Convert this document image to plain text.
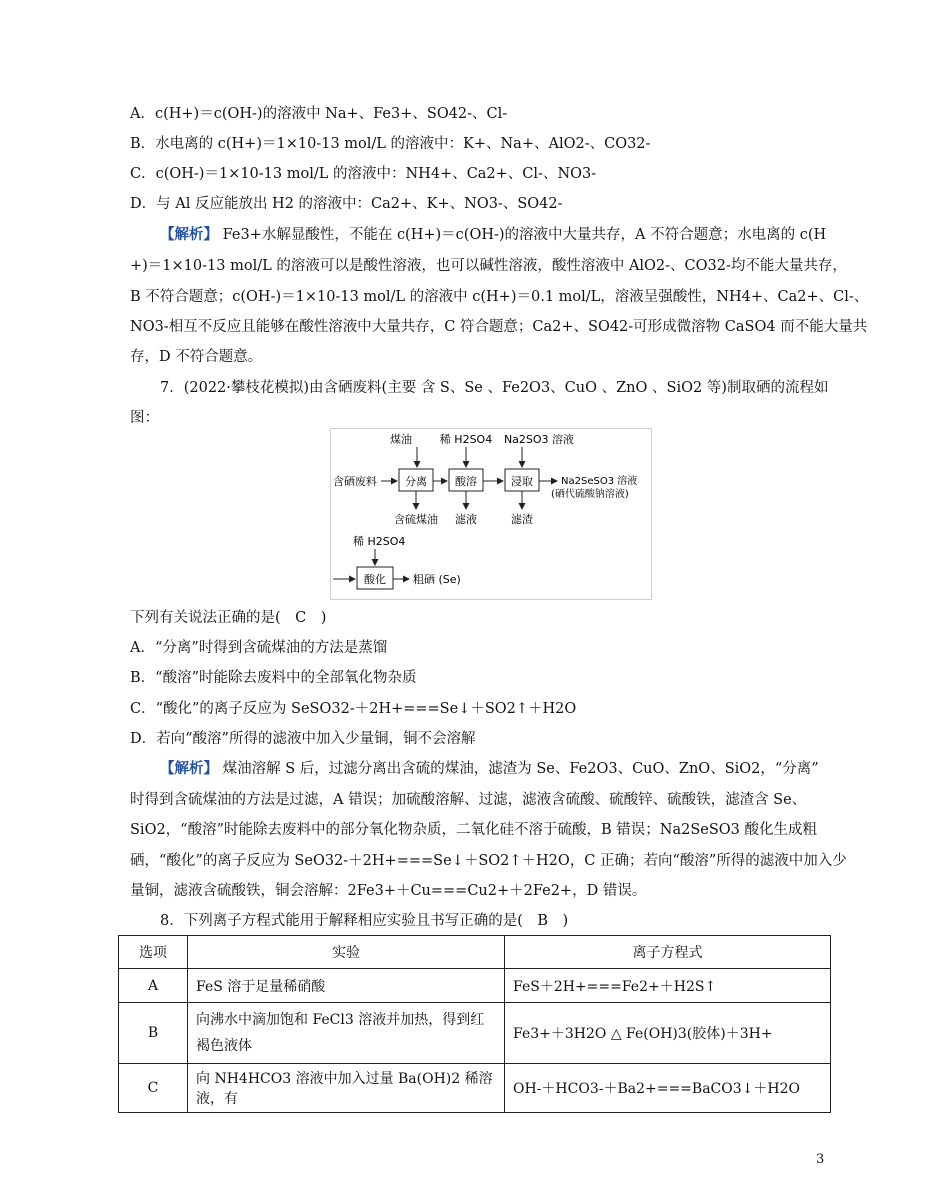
A．c(H+)＝c(OH-)的溶液中 Na+、Fe3+、SO42-、Cl-
B．水电离的 c(H+)＝1×10-13 mol/L 的溶液中：K+、Na+、AlO2-、CO32-
C．c(OH-)＝1×10-13 mol/L 的溶液中：NH4+、Ca2+、Cl-、NO3-
D．与 Al 反应能放出 H2 的溶液中：Ca2+、K+、NO3-、SO42-
【解析】 Fe3+水解显酸性，不能在 c(H+)＝c(OH-)的溶液中大量共存，A 不符合题意；水电离的 c(H
+)＝1×10-13 mol/L 的溶液可以是酸性溶液，也可以碱性溶液，酸性溶液中 AlO2-、CO32-均不能大量共存，
B 不符合题意；c(OH-)＝1×10-13 mol/L 的溶液中 c(H+)＝0.1 mol/L，溶液呈强酸性，NH4+、Ca2+、Cl-、
NO3-相互不反应且能够在酸性溶液中大量共存，C 符合题意；Ca2+、SO42-可形成微溶物 CaSO4 而不能大量共
存，D 不符合题意。
7．(2022·攀枝花模拟)由含硒废料(主要 含 S、Se 、Fe2O3、CuO 、ZnO 、SiO2 等)制取硒的流程如
图：
煤油	稀 H2SO4 Na2SO3 溶液
含硒废料	分离	酸溶	浸取	Na2SeSO3 溶液
(硒代硫酸钠溶液)
含硫煤油 滤液	滤渣
稀 H2SO4
酸化 粗硒 (Se)
下列有关说法正确的是(　C　)
A．“分离”时得到含硫煤油的方法是蒸馏
B．“酸溶”时能除去废料中的全部氧化物杂质
C．“酸化”的离子反应为 SeSO32-＋2H+===Se↓＋SO2↑＋H2O
D．若向“酸溶”所得的滤液中加入少量铜，铜不会溶解
【解析】 煤油溶解 S 后，过滤分离出含硫的煤油，滤渣为 Se、Fe2O3、CuO、ZnO、SiO2，“分离”
时得到含硫煤油的方法是过滤，A 错误；加硫酸溶解、过滤，滤液含硫酸、硫酸锌、硫酸铁，滤渣含 Se、
SiO2，“酸溶”时能除去废料中的部分氧化物杂质，二氧化硅不溶于硫酸，B 错误；Na2SeSO3 酸化生成粗
硒，“酸化”的离子反应为 SeO32-＋2H+===Se↓＋SO2↑＋H2O，C 正确；若向“酸溶”所得的滤液中加入少
量铜，滤液含硫酸铁，铜会溶解：2Fe3+＋Cu===Cu2+＋2Fe2+，D 错误。
8．下列离子方程式能用于解释相应实验且书写正确的是(　B　)
选项	实验	离子方程式
A	FeS 溶于足量稀硝酸	FeS＋2H+===Fe2+＋H2S↑
B	向沸水中滴加饱和 FeCl3 溶液并加热，得到红褐色液体	Fe3+＋3H2O △ Fe(OH)3(胶体)＋3H+
C	向 NH4HCO3 溶液中加入过量 Ba(OH)2 稀溶液，有	OH-＋HCO3-＋Ba2+===BaCO3↓＋H2O
3
